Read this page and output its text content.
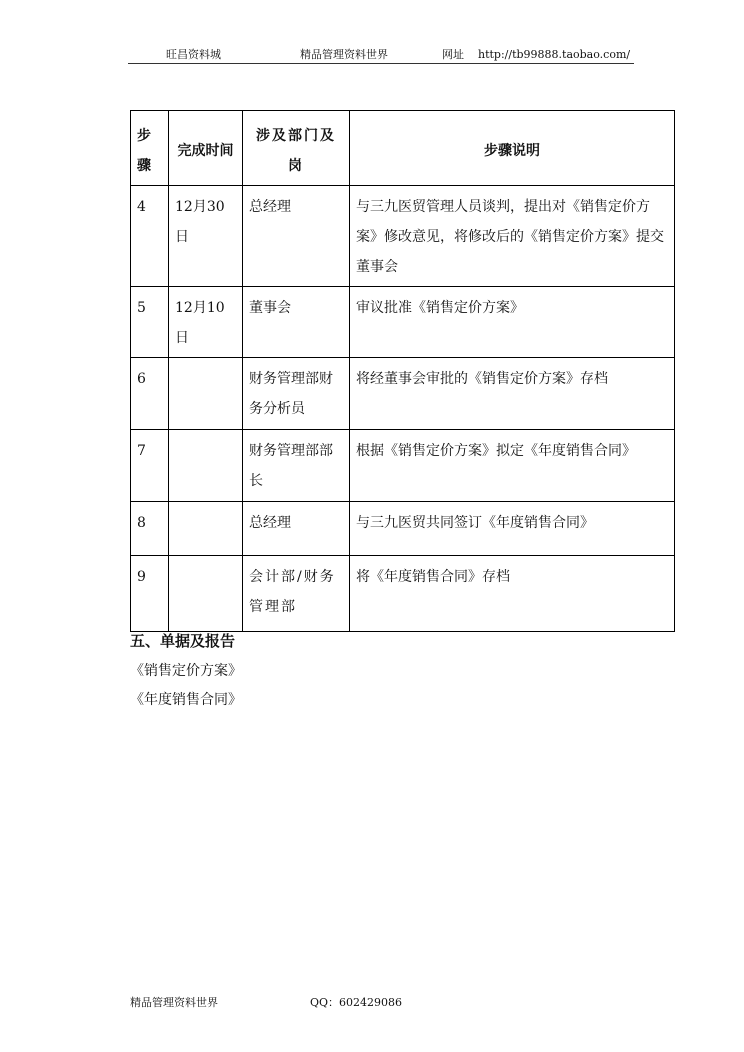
旺昌资料城	精品管理资料世界	网址 http://tb99888.taobao.com/
步骤	完成时间	涉及部门及岗	步骤说明
4	12月30日	总经理	与三九医贸管理人员谈判，提出对《销售定价方案》修改意见，将修改后的《销售定价方案》提交董事会
5	12月10日	董事会	审议批准《销售定价方案》
6		财务管理部财务分析员	将经董事会审批的《销售定价方案》存档
7		财务管理部部长	根据《销售定价方案》拟定《年度销售合同》
8		总经理	与三九医贸共同签订《年度销售合同》
9		会计部/财务管理部	将《年度销售合同》存档
五、单据及报告
《销售定价方案》
《年度销售合同》
精品管理资料世界	QQ：602429086
